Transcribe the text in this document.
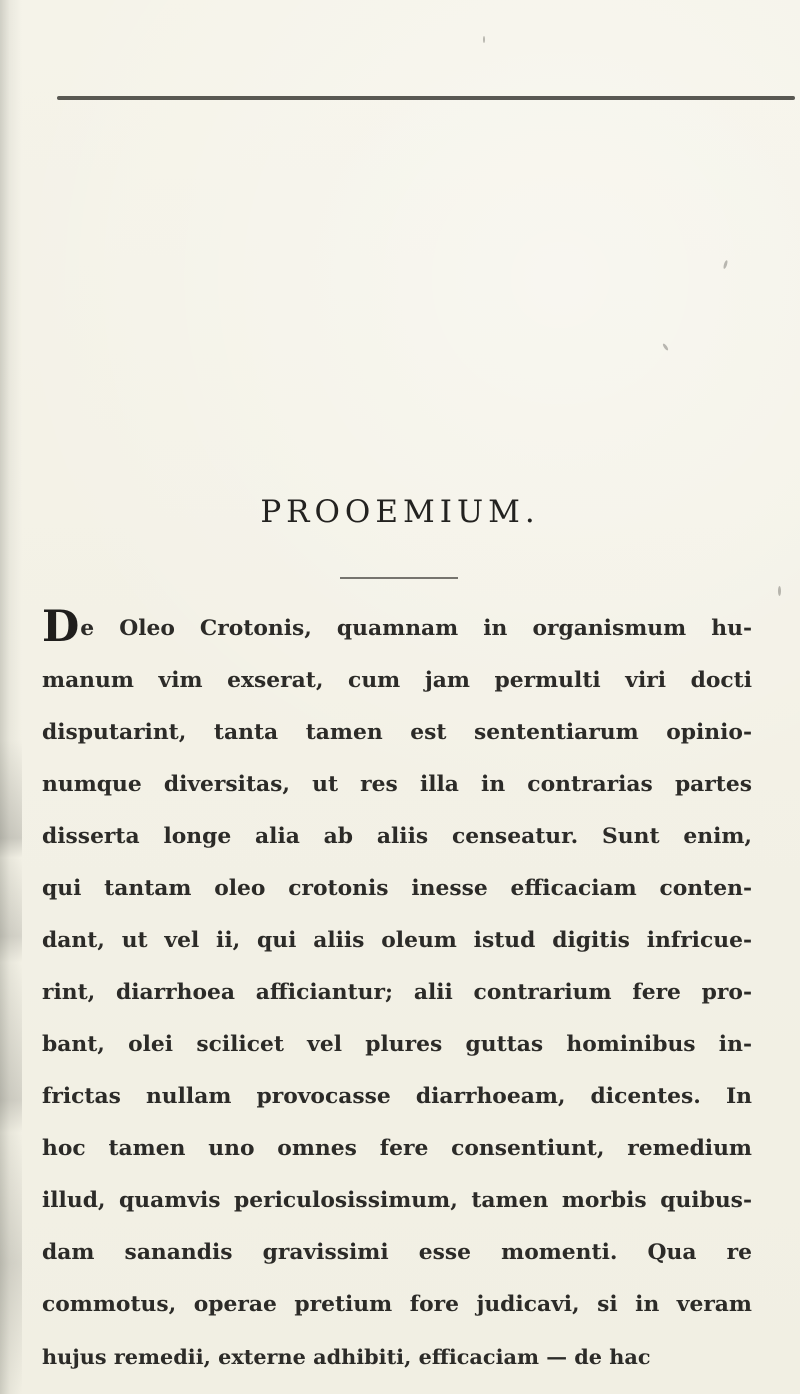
PROOEMIUM.
De Oleo Crotonis, quamnam in organismum hu-
manum vim exserat, cum jam permulti viri docti
disputarint, tanta tamen est sententiarum opinio-
numque diversitas, ut res illa in contrarias partes
disserta longe alia ab aliis censeatur. Sunt enim,
qui tantam oleo crotonis inesse efficaciam conten-
dant, ut vel ii, qui aliis oleum istud digitis infricue-
rint, diarrhoea afficiantur; alii contrarium fere pro-
bant, olei scilicet vel plures guttas hominibus in-
frictas nullam provocasse diarrhoeam, dicentes. In
hoc tamen uno omnes fere consentiunt, remedium
illud, quamvis periculosissimum, tamen morbis quibus-
dam sanandis gravissimi esse momenti. Qua re
commotus, operae pretium fore judicavi, si in veram
hujus remedii, externe adhibiti, efficaciam — de hac
